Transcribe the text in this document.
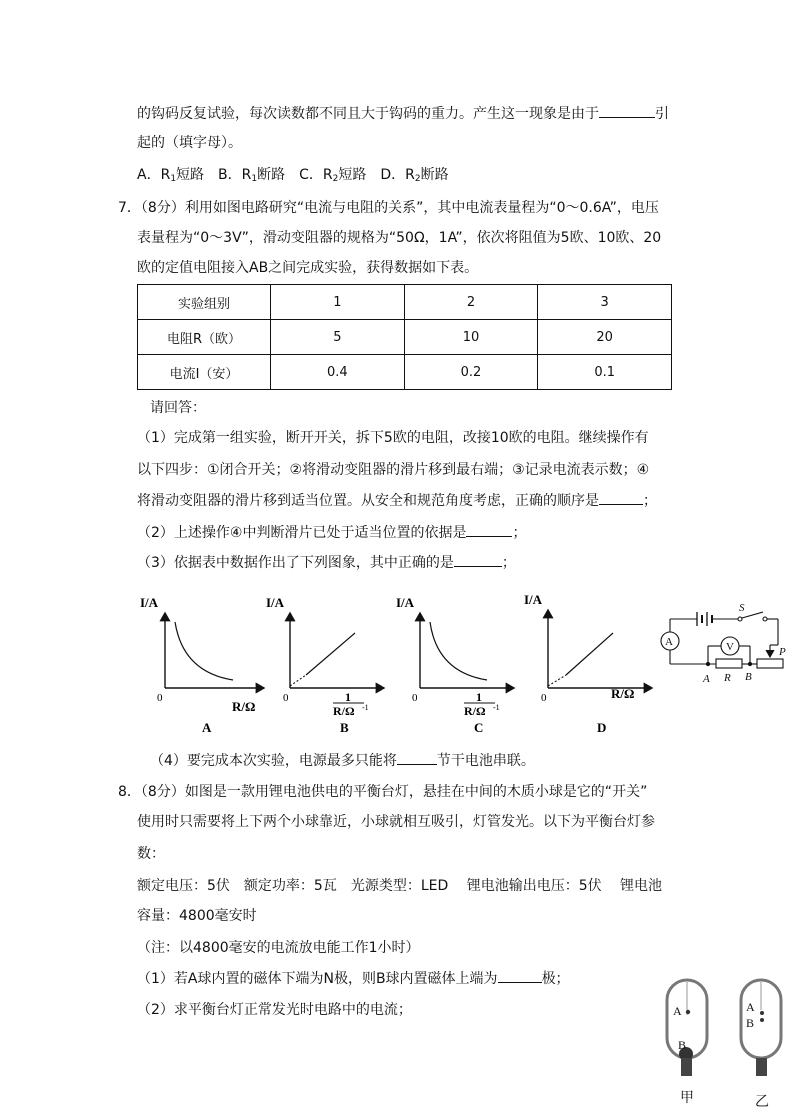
的钩码反复试验，每次读数都不同且大于钩码的重力。产生这一现象是由于	引
起的（填字母）。
A．$R_1$短路　B．$R_1$断路　C．$R_2$短路　D．$R_2$断路
7．（8分）利用如图电路研究“电流与电阻的关系”，其中电流表量程为“0～0.6A”，电压
表量程为“0～3V”，滑动变阻器的规格为“50Ω，1A”，依次将阻值为5欧、10欧、20
欧的定值电阻接入AB之间完成实验，获得数据如下表。
实验组别	1	2	3
电阻R（欧）	5	10	20
电流I（安）	0.4	0.2	0.1
请回答：
（1）完成第一组实验，断开开关，拆下5欧的电阻，改接10欧的电阻。继续操作有
以下四步：①闭合开关；②将滑动变阻器的滑片移到最右端；③记录电流表示数；④
将滑动变阻器的滑片移到适当位置。从安全和规范角度考虑，正确的顺序是	；
（2）上述操作④中判断滑片已处于适当位置的依据是	；
（3）依据表中数据作出了下列图象，其中正确的是	；
I/A
0
R/Ω
A
I/A
0	1
R/Ω -1
B
I/A
0	1
R/Ω -1
C
I/A
0	R/Ω
D
S
A	V
A R B
P
A
B
A
B
甲	乙
（4）要完成本次实验，电源最多只能将	节干电池串联。
8．（8分）如图是一款用锂电池供电的平衡台灯，悬挂在中间的木质小球是它的“开关”
使用时只需要将上下两个小球靠近，小球就相互吸引，灯管发光。以下为平衡台灯参
数：
额定电压：5伏　额定功率：5瓦　光源类型：LED　 锂电池输出电压：5伏　 锂电池
容量：4800毫安时
（注：以4800毫安的电流放电能工作1小时）
（1）若A球内置的磁体下端为N极，则B球内置磁体上端为	极；
（2）求平衡台灯正常发光时电路中的电流；
